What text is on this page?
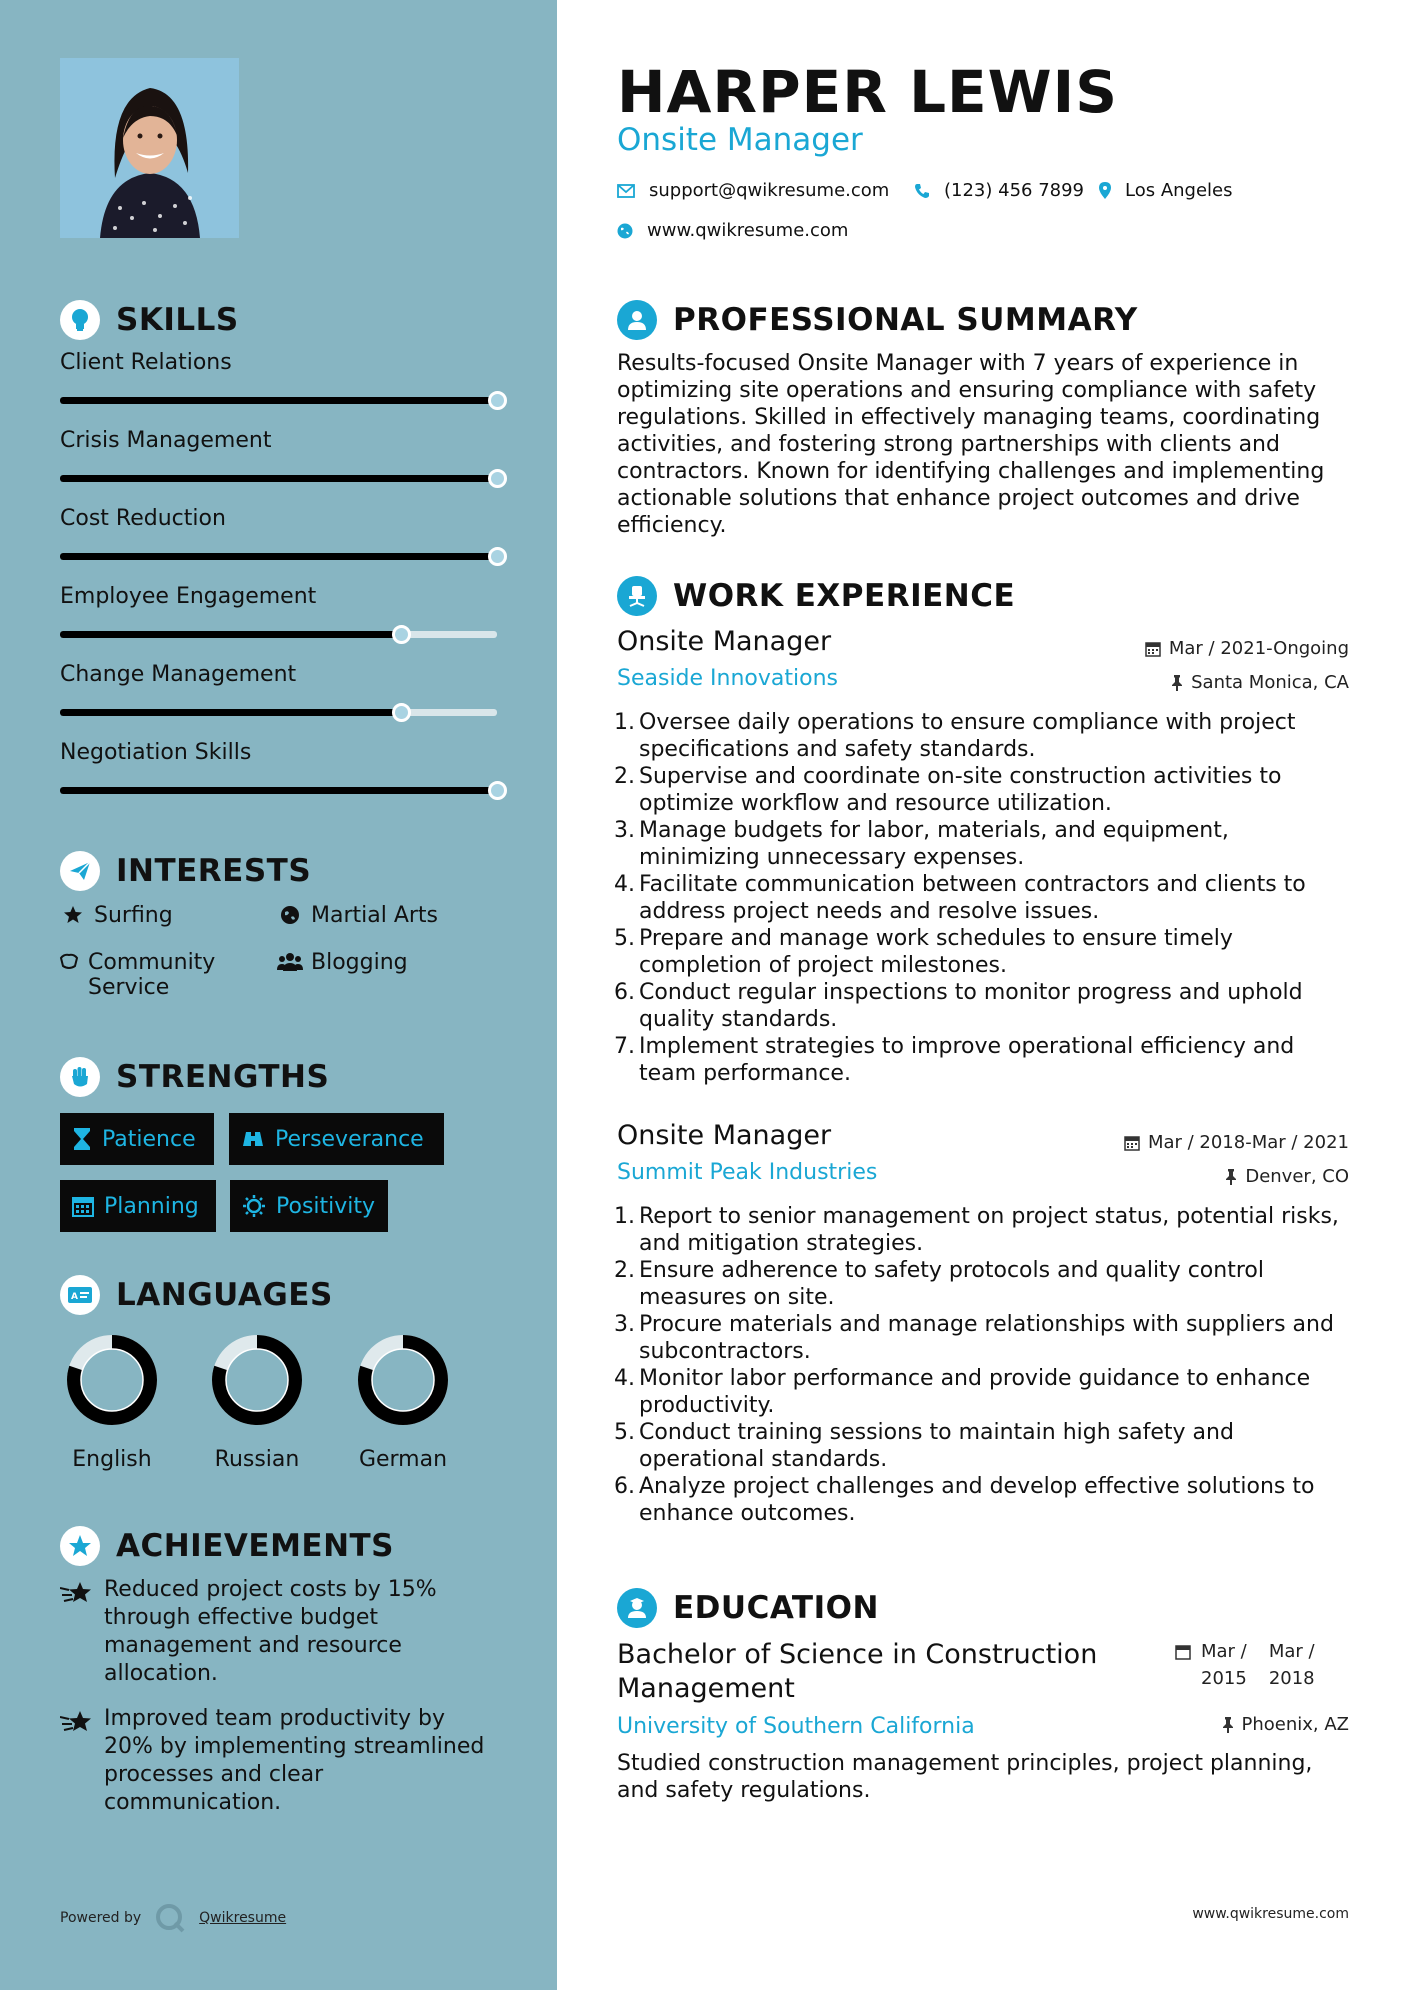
SKILLS
Client Relations
Crisis Management
Cost Reduction
Employee Engagement
Change Management
Negotiation Skills
INTERESTS
Surfing	Martial Arts
Community Service
Blogging
STRENGTHS
Patience	Perseverance
Planning	Positivity
A LANGUAGES
English	Russian	German
ACHIEVEMENTS
Reduced project costs by 15% through effective budget management and resource allocation.
Improved team productivity by 20% by implementing streamlined processes and clear communication.
Powered by	Qwikresume
HARPER LEWIS
Onsite Manager
support@qwikresume.com	(123) 456 7899 Los Angeles
www.qwikresume.com
PROFESSIONAL SUMMARY
Results-focused Onsite Manager with 7 years of experience in optimizing site operations and ensuring compliance with safety regulations. Skilled in effectively managing teams, coordinating activities, and fostering strong partnerships with clients and contractors. Known for identifying challenges and implementing actionable solutions that enhance project outcomes and drive efficiency.
WORK EXPERIENCE
Onsite Manager
Seaside Innovations
Mar / 2021-Ongoing
Santa Monica, CA
1. Oversee daily operations to ensure compliance with project specifications and safety standards.
2. Supervise and coordinate on-site construction activities to optimize workflow and resource utilization.
3. Manage budgets for labor, materials, and equipment, minimizing unnecessary expenses.
4. Facilitate communication between contractors and clients to address project needs and resolve issues.
5. Prepare and manage work schedules to ensure timely completion of project milestones.
6. Conduct regular inspections to monitor progress and uphold quality standards.
7. Implement strategies to improve operational efficiency and team performance.
Onsite Manager
Summit Peak Industries
Mar / 2018-Mar / 2021
Denver, CO
1. Report to senior management on project status, potential risks, and mitigation strategies.
2. Ensure adherence to safety protocols and quality control measures on site.
3. Procure materials and manage relationships with suppliers and subcontractors.
4. Monitor labor performance and provide guidance to enhance productivity.
5. Conduct training sessions to maintain high safety and operational standards.
6. Analyze project challenges and develop effective solutions to enhance outcomes.
EDUCATION
Bachelor of Science in Construction Management
Mar /
2015
Mar /
2018
University of Southern California	Phoenix, AZ
Studied construction management principles, project planning, and safety regulations.
www.qwikresume.com
